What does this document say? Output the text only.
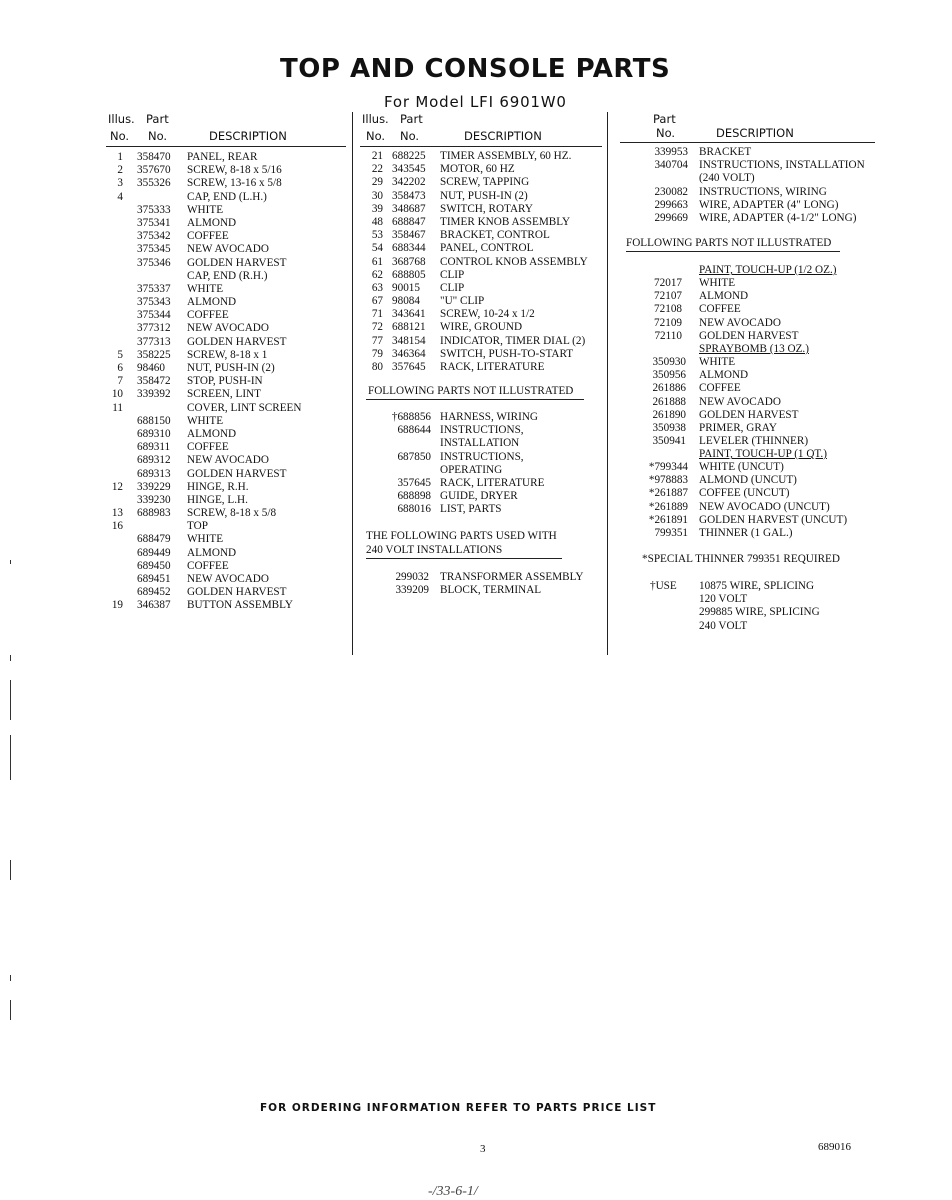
TOP AND CONSOLE PARTS
For Model LFI 6901W0
Illus. Part
No. No.	DESCRIPTION
1 358470 PANEL, REAR
2 357670 SCREW, 8-18 x 5/16
3 355326 SCREW, 13-16 x 5/8
4	CAP, END (L.H.)
375333 WHITE
375341 ALMOND
375342 COFFEE
375345 NEW AVOCADO
375346 GOLDEN HARVEST
CAP, END (R.H.)
375337 WHITE
375343 ALMOND
375344 COFFEE
377312 NEW AVOCADO
377313 GOLDEN HARVEST
5 358225 SCREW, 8-18 x 1
6 98460 NUT, PUSH-IN (2)
7 358472 STOP, PUSH-IN
10 339392 SCREEN, LINT
11	COVER, LINT SCREEN
688150 WHITE
689310 ALMOND
689311 COFFEE
689312 NEW AVOCADO
689313 GOLDEN HARVEST
12 339229 HINGE, R.H.
339230 HINGE, L.H.
13 688983 SCREW, 8-18 x 5/8
16	TOP
688479 WHITE
689449 ALMOND
689450 COFFEE
689451 NEW AVOCADO
689452 GOLDEN HARVEST
19 346387 BUTTON ASSEMBLY
Illus. Part
No. No.	DESCRIPTION
21 688225 TIMER ASSEMBLY, 60 HZ.
22 343545 MOTOR, 60 HZ
29 342202 SCREW, TAPPING
30 358473 NUT, PUSH-IN (2)
39 348687 SWITCH, ROTARY
48 688847 TIMER KNOB ASSEMBLY
53 358467 BRACKET, CONTROL
54 688344 PANEL, CONTROL
61 368768 CONTROL KNOB ASSEMBLY
62 688805 CLIP
63 90015 CLIP
67 98084 "U" CLIP
71 343641 SCREW, 10-24 x 1/2
72 688121 WIRE, GROUND
77 348154 INDICATOR, TIMER DIAL (2)
79 346364 SWITCH, PUSH-TO-START
80 357645 RACK, LITERATURE
FOLLOWING PARTS NOT ILLUSTRATED
†688856 HARNESS, WIRING
688644 INSTRUCTIONS,
INSTALLATION
687850 INSTRUCTIONS,
OPERATING
357645 RACK, LITERATURE
688898 GUIDE, DRYER
688016 LIST, PARTS
THE FOLLOWING PARTS USED WITH
240 VOLT INSTALLATIONS
299032 TRANSFORMER ASSEMBLY
339209 BLOCK, TERMINAL
Part
No.	DESCRIPTION
339953 BRACKET
340704 INSTRUCTIONS, INSTALLATION
(240 VOLT)
230082 INSTRUCTIONS, WIRING
299663 WIRE, ADAPTER (4" LONG)
299669 WIRE, ADAPTER (4-1/2" LONG)
FOLLOWING PARTS NOT ILLUSTRATED
PAINT, TOUCH-UP (1/2 OZ.)
72017 WHITE
72107 ALMOND
72108 COFFEE
72109 NEW AVOCADO
72110 GOLDEN HARVEST
SPRAYBOMB (13 OZ.)
350930 WHITE
350956 ALMOND
261886 COFFEE
261888 NEW AVOCADO
261890 GOLDEN HARVEST
350938 PRIMER, GRAY
350941 LEVELER (THINNER)
PAINT, TOUCH-UP (1 QT.)
*799344 WHITE (UNCUT)
*978883 ALMOND (UNCUT)
*261887 COFFEE (UNCUT)
*261889 NEW AVOCADO (UNCUT)
*261891 GOLDEN HARVEST (UNCUT)
799351 THINNER (1 GAL.)
*SPECIAL THINNER 799351 REQUIRED
†USE 10875 WIRE, SPLICING
120 VOLT
299885 WIRE, SPLICING
240 VOLT
FOR ORDERING INFORMATION REFER TO PARTS PRICE LIST
3	689016
-/33-6-1/
